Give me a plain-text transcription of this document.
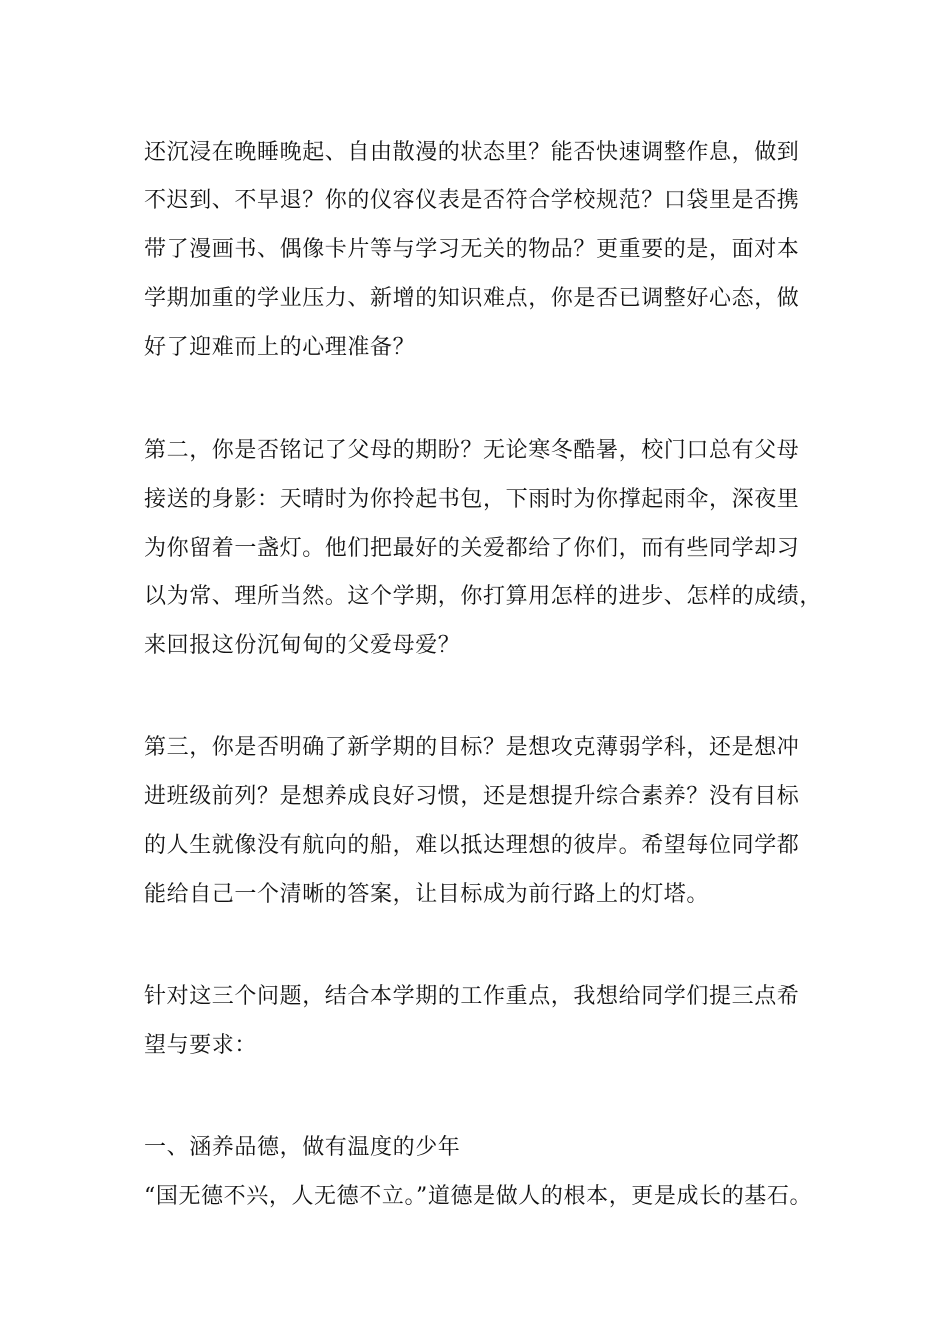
还沉浸在晚睡晚起、自由散漫的状态里？能否快速调整作息，做到
不迟到、不早退？你的仪容仪表是否符合学校规范？口袋里是否携
带了漫画书、偶像卡片等与学习无关的物品？更重要的是，面对本
学期加重的学业压力、新增的知识难点，你是否已调整好心态，做
好了迎难而上的心理准备？
第二，你是否铭记了父母的期盼？无论寒冬酷暑，校门口总有父母
接送的身影：天晴时为你拎起书包，下雨时为你撑起雨伞，深夜里
为你留着一盏灯。他们把最好的关爱都给了你们，而有些同学却习
以为常、理所当然。这个学期，你打算用怎样的进步、怎样的成绩，
来回报这份沉甸甸的父爱母爱？
第三，你是否明确了新学期的目标？是想攻克薄弱学科，还是想冲
进班级前列？是想养成良好习惯，还是想提升综合素养？没有目标
的人生就像没有航向的船，难以抵达理想的彼岸。希望每位同学都
能给自己一个清晰的答案，让目标成为前行路上的灯塔。
针对这三个问题，结合本学期的工作重点，我想给同学们提三点希
望与要求：
一、涵养品德，做有温度的少年
“国无德不兴，人无德不立。”道德是做人的根本，更是成长的基石。
